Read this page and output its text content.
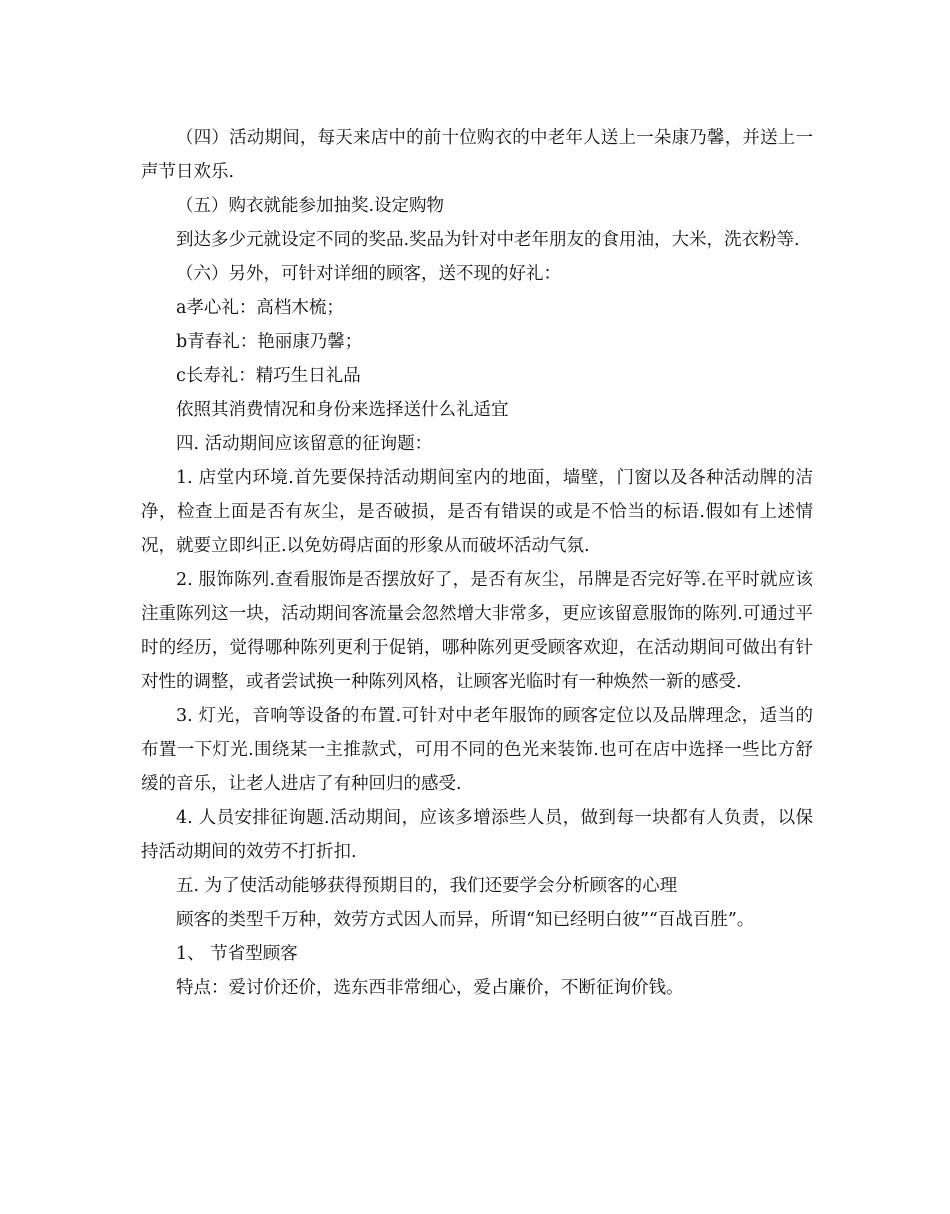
（四）活动期间，每天来店中的前十位购衣的中老年人送上一朵康乃馨，并送上一声节日欢乐.

（五）购衣就能参加抽奖.设定购物

到达多少元就设定不同的奖品.奖品为针对中老年朋友的食用油，大米，洗衣粉等.

（六）另外，可针对详细的顾客，送不现的好礼：

a孝心礼：高档木梳；

b青春礼：艳丽康乃馨；

c长寿礼：精巧生日礼品

依照其消费情况和身份来选择送什么礼适宜

四. 活动期间应该留意的征询题：

1. 店堂内环境.首先要保持活动期间室内的地面，墙壁，门窗以及各种活动牌的洁净，检查上面是否有灰尘，是否破损，是否有错误的或是不恰当的标语.假如有上述情况，就要立即纠正.以免妨碍店面的形象从而破坏活动气氛.

2. 服饰陈列.查看服饰是否摆放好了，是否有灰尘，吊牌是否完好等.在平时就应该注重陈列这一块，活动期间客流量会忽然增大非常多，更应该留意服饰的陈列.可通过平时的经历，觉得哪种陈列更利于促销，哪种陈列更受顾客欢迎，在活动期间可做出有针对性的调整，或者尝试换一种陈列风格，让顾客光临时有一种焕然一新的感受.

3. 灯光，音响等设备的布置.可针对中老年服饰的顾客定位以及品牌理念，适当的布置一下灯光.围绕某一主推款式，可用不同的色光来装饰.也可在店中选择一些比方舒缓的音乐，让老人进店了有种回归的感受.

4. 人员安排征询题.活动期间，应该多增添些人员，做到每一块都有人负责，以保持活动期间的效劳不打折扣.

五. 为了使活动能够获得预期目的，我们还要学会分析顾客的心理

顾客的类型千万种，效劳方式因人而异，所谓“知已经明白彼”“百战百胜”。

1、 节省型顾客

特点：爱讨价还价，选东西非常细心，爱占廉价，不断征询价钱。
